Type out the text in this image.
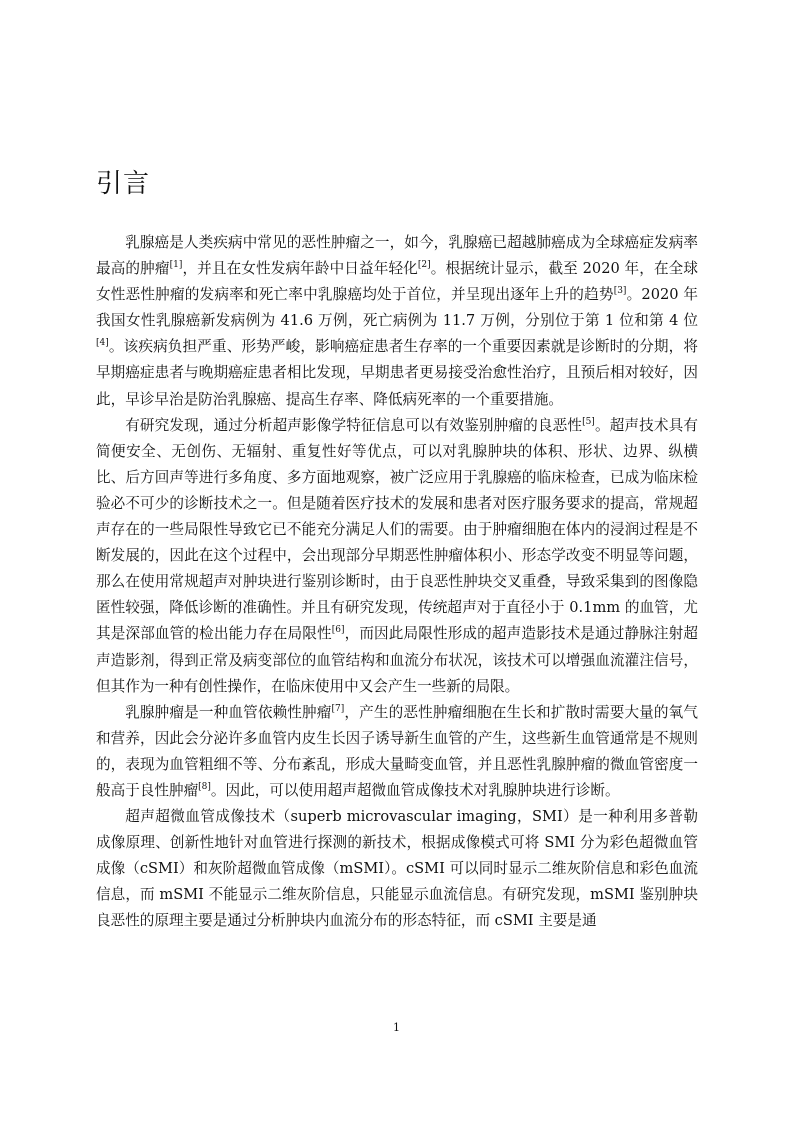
引言

乳腺癌是人类疾病中常见的恶性肿瘤之一，如今，乳腺癌已超越肺癌成为全球癌症发病率最高的肿瘤[1]，并且在女性发病年龄中日益年轻化[2]。根据统计显示，截至 2020 年，在全球女性恶性肿瘤的发病率和死亡率中乳腺癌均处于首位，并呈现出逐年上升的趋势[3]。2020 年我国女性乳腺癌新发病例为 41.6 万例，死亡病例为 11.7 万例，分别位于第 1 位和第 4 位[4]。该疾病负担严重、形势严峻，影响癌症患者生存率的一个重要因素就是诊断时的分期，将早期癌症患者与晚期癌症患者相比发现，早期患者更易接受治愈性治疗，且预后相对较好，因此，早诊早治是防治乳腺癌、提高生存率、降低病死率的一个重要措施。

有研究发现，通过分析超声影像学特征信息可以有效鉴别肿瘤的良恶性[5]。超声技术具有简便安全、无创伤、无辐射、重复性好等优点，可以对乳腺肿块的体积、形状、边界、纵横比、后方回声等进行多角度、多方面地观察，被广泛应用于乳腺癌的临床检查，已成为临床检验必不可少的诊断技术之一。但是随着医疗技术的发展和患者对医疗服务要求的提高，常规超声存在的一些局限性导致它已不能充分满足人们的需要。由于肿瘤细胞在体内的浸润过程是不断发展的，因此在这个过程中，会出现部分早期恶性肿瘤体积小、形态学改变不明显等问题，那么在使用常规超声对肿块进行鉴别诊断时，由于良恶性肿块交叉重叠，导致采集到的图像隐匿性较强，降低诊断的准确性。并且有研究发现，传统超声对于直径小于 0.1mm 的血管，尤其是深部血管的检出能力存在局限性[6]，而因此局限性形成的超声造影技术是通过静脉注射超声造影剂，得到正常及病变部位的血管结构和血流分布状况，该技术可以增强血流灌注信号，但其作为一种有创性操作，在临床使用中又会产生一些新的局限。

乳腺肿瘤是一种血管依赖性肿瘤[7]，产生的恶性肿瘤细胞在生长和扩散时需要大量的氧气和营养，因此会分泌许多血管内皮生长因子诱导新生血管的产生，这些新生血管通常是不规则的，表现为血管粗细不等、分布紊乱，形成大量畸变血管，并且恶性乳腺肿瘤的微血管密度一般高于良性肿瘤[8]。因此，可以使用超声超微血管成像技术对乳腺肿块进行诊断。

超声超微血管成像技术（superb microvascular imaging，SMI）是一种利用多普勒成像原理、创新性地针对血管进行探测的新技术，根据成像模式可将 SMI 分为彩色超微血管成像（cSMI）和灰阶超微血管成像（mSMI）。cSMI 可以同时显示二维灰阶信息和彩色血流信息，而 mSMI 不能显示二维灰阶信息，只能显示血流信息。有研究发现，mSMI 鉴别肿块良恶性的原理主要是通过分析肿块内血流分布的形态特征，而 cSMI 主要是通

1
